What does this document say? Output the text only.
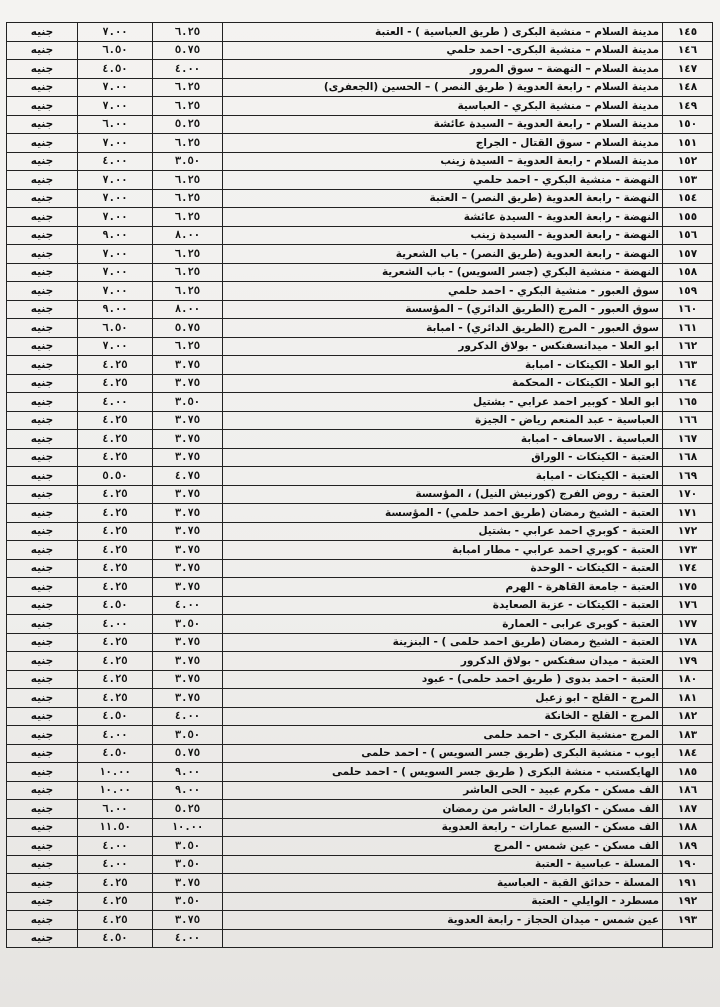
١٤٥	مدينة السلام – منشية البكرى ( طريق العباسية ) - العتبة	٦.٢٥	٧.٠٠	جنيه
١٤٦	مدينة السلام – منشية البكرى- احمد حلمي	٥.٧٥	٦.٥٠	جنيه
١٤٧	مدينة السلام – النهضة – سوق المرور	٤.٠٠	٤.٥٠	جنيه
١٤٨	مدينة السلام - رابعة العدوية ( طريق النصر ) – الحسين (الجعفرى)	٦.٢٥	٧.٠٠	جنيه
١٤٩	مدينة السلام – منشية البكري - العباسية	٦.٢٥	٧.٠٠	جنيه
١٥٠	مدينة السلام - رابعة العدوية – السيدة عائشة	٥.٢٥	٦.٠٠	جنيه
١٥١	مدينة السلام - سوق القتال - الجراج	٦.٢٥	٧.٠٠	جنيه
١٥٢	مدينة السلام - رابعة العدوية – السيدة زينب	٣.٥٠	٤.٠٠	جنيه
١٥٣	النهضة - منشية البكري - احمد حلمي	٦.٢٥	٧.٠٠	جنيه
١٥٤	النهضة - رابعة العدوية (طريق النصر) – العتبة	٦.٢٥	٧.٠٠	جنيه
١٥٥	النهضة - رابعة العدوية - السيدة عائشة	٦.٢٥	٧.٠٠	جنيه
١٥٦	النهضة - رابعة العدوية - السيدة زينب	٨.٠٠	٩.٠٠	جنيه
١٥٧	النهضة - رابعة العدوية (طريق النصر) - باب الشعرية	٦.٢٥	٧.٠٠	جنيه
١٥٨	النهضة - منشية البكري (جسر السويس) - باب الشعرية	٦.٢٥	٧.٠٠	جنيه
١٥٩	سوق العبور - منشية البكري - احمد حلمي	٦.٢٥	٧.٠٠	جنيه
١٦٠	سوق العبور - المرج (الطريق الدائري) – المؤسسة	٨.٠٠	٩.٠٠	جنيه
١٦١	سوق العبور - المرج (الطريق الدائري) - امبابة	٥.٧٥	٦.٥٠	جنيه
١٦٢	ابو العلا - ميدانسفنكس - بولاق الدكرور	٦.٢٥	٧.٠٠	جنيه
١٦٣	ابو العلا - الكيتكات - امبابة	٣.٧٥	٤.٢٥	جنيه
١٦٤	ابو العلا - الكيتكات - المحكمة	٣.٧٥	٤.٢٥	جنيه
١٦٥	ابو العلا - كوبير احمد عرابي - بشتيل	٣.٥٠	٤.٠٠	جنيه
١٦٦	العباسية - عبد المنعم رياض - الجيزة	٣.٧٥	٤.٢٥	جنيه
١٦٧	العباسية . الاسعاف - امبابة	٣.٧٥	٤.٢٥	جنيه
١٦٨	العتبة - الكيتكات - الوراق	٣.٧٥	٤.٢٥	جنيه
١٦٩	العتبة - الكيتكات - امبابة	٤.٧٥	٥.٥٠	جنيه
١٧٠	العتبة - روض الفرج (كورنيش النيل) ، المؤسسة	٣.٧٥	٤.٢٥	جنيه
١٧١	العتبة - الشيخ رمضان (طريق احمد حلمي) - المؤسسة	٣.٧٥	٤.٢٥	جنيه
١٧٢	العتبة - كوبري احمد عرابي - بشتيل	٣.٧٥	٤.٢٥	جنيه
١٧٣	العتبة - كوبري احمد عرابي - مطار امبابة	٣.٧٥	٤.٢٥	جنيه
١٧٤	العتبة - الكيتكات - الوحدة	٣.٧٥	٤.٢٥	جنيه
١٧٥	العتبة - جامعة القاهرة - الهرم	٣.٧٥	٤.٢٥	جنيه
١٧٦	العتبة - الكيتكات - عزبة الصعايدة	٤.٠٠	٤.٥٠	جنيه
١٧٧	العتبة - كوبرى عرابى - العمارة	٣.٥٠	٤.٠٠	جنيه
١٧٨	العتبة - الشيخ رمضان (طريق احمد حلمى ) - البنزينة	٣.٧٥	٤.٢٥	جنيه
١٧٩	العتبة - ميدان سفنكس - بولاق الدكرور	٣.٧٥	٤.٢٥	جنيه
١٨٠	العتبة - احمد بدوى ( طريق احمد حلمى) - عبود	٣.٧٥	٤.٢٥	جنيه
١٨١	المرج - القلج - ابو زعبل	٣.٧٥	٤.٢٥	جنيه
١٨٢	المرج - القلج - الخانكة	٤.٠٠	٤.٥٠	جنيه
١٨٣	المرج -منشية البكرى - احمد حلمى	٣.٥٠	٤.٠٠	جنيه
١٨٤	ايوب - منشية البكرى (طريق جسر السويس ) - احمد حلمى	٥.٧٥	٤.٥٠	جنيه
١٨٥	الهايكستب - منشة البكرى ( طريق جسر السويس ) - احمد حلمى	٩.٠٠	١٠.٠٠	جنيه
١٨٦	الف مسكن - مكرم عبيد - الحى العاشر	٩.٠٠	١٠.٠٠	جنيه
١٨٧	الف مسكن - اكوابارك - العاشر من رمضان	٥.٢٥	٦.٠٠	جنيه
١٨٨	الف مسكن - السبع عمارات - رابعة العدوية	١٠.٠٠	١١.٥٠	جنيه
١٨٩	الف مسكن - عين شمس - المرج	٣.٥٠	٤.٠٠	جنيه
١٩٠	المسلة - عباسية - العتبة	٣.٥٠	٤.٠٠	جنيه
١٩١	المسلة - حدائق القبة - العباسية	٣.٧٥	٤.٢٥	جنيه
١٩٢	مسطرد - الوايلي - العتبة	٣.٥٠	٤.٢٥	جنيه
١٩٣	عين شمس - ميدان الحجاز - رابعة العدوية	٣.٧٥	٤.٢٥	جنيه
		٤.٠٠	٤.٥٠	جنيه
